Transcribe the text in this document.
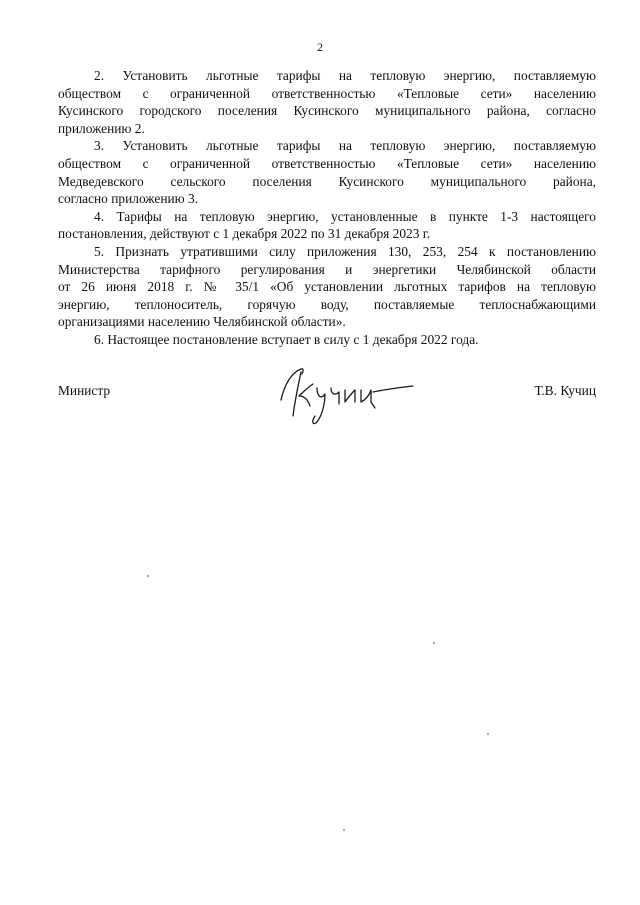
2

2. Установить льготные тарифы на тепловую энергию, поставляемую
обществом с ограниченной ответственностью «Тепловые сети» населению
Кусинского городского поселения Кусинского муниципального района, согласно
приложению 2.

3. Установить льготные тарифы на тепловую энергию, поставляемую
обществом с ограниченной ответственностью «Тепловые сети» населению
Медведевского сельского поселения Кусинского муниципального района,
согласно приложению 3.

4. Тарифы на тепловую энергию, установленные в пункте 1-3 настоящего
постановления, действуют с 1 декабря 2022 по 31 декабря 2023 г.

5. Признать утратившими силу приложения 130, 253, 254 к постановлению
Министерства тарифного регулирования и энергетики Челябинской области
от 26 июня 2018 г. № 35/1 «Об установлении льготных тарифов на тепловую
энергию, теплоноситель, горячую воду, поставляемые теплоснабжающими
организациями населению Челябинской области».

6. Настоящее постановление вступает в силу с 1 декабря 2022 года.

Министр	Т.В. Кучиц
